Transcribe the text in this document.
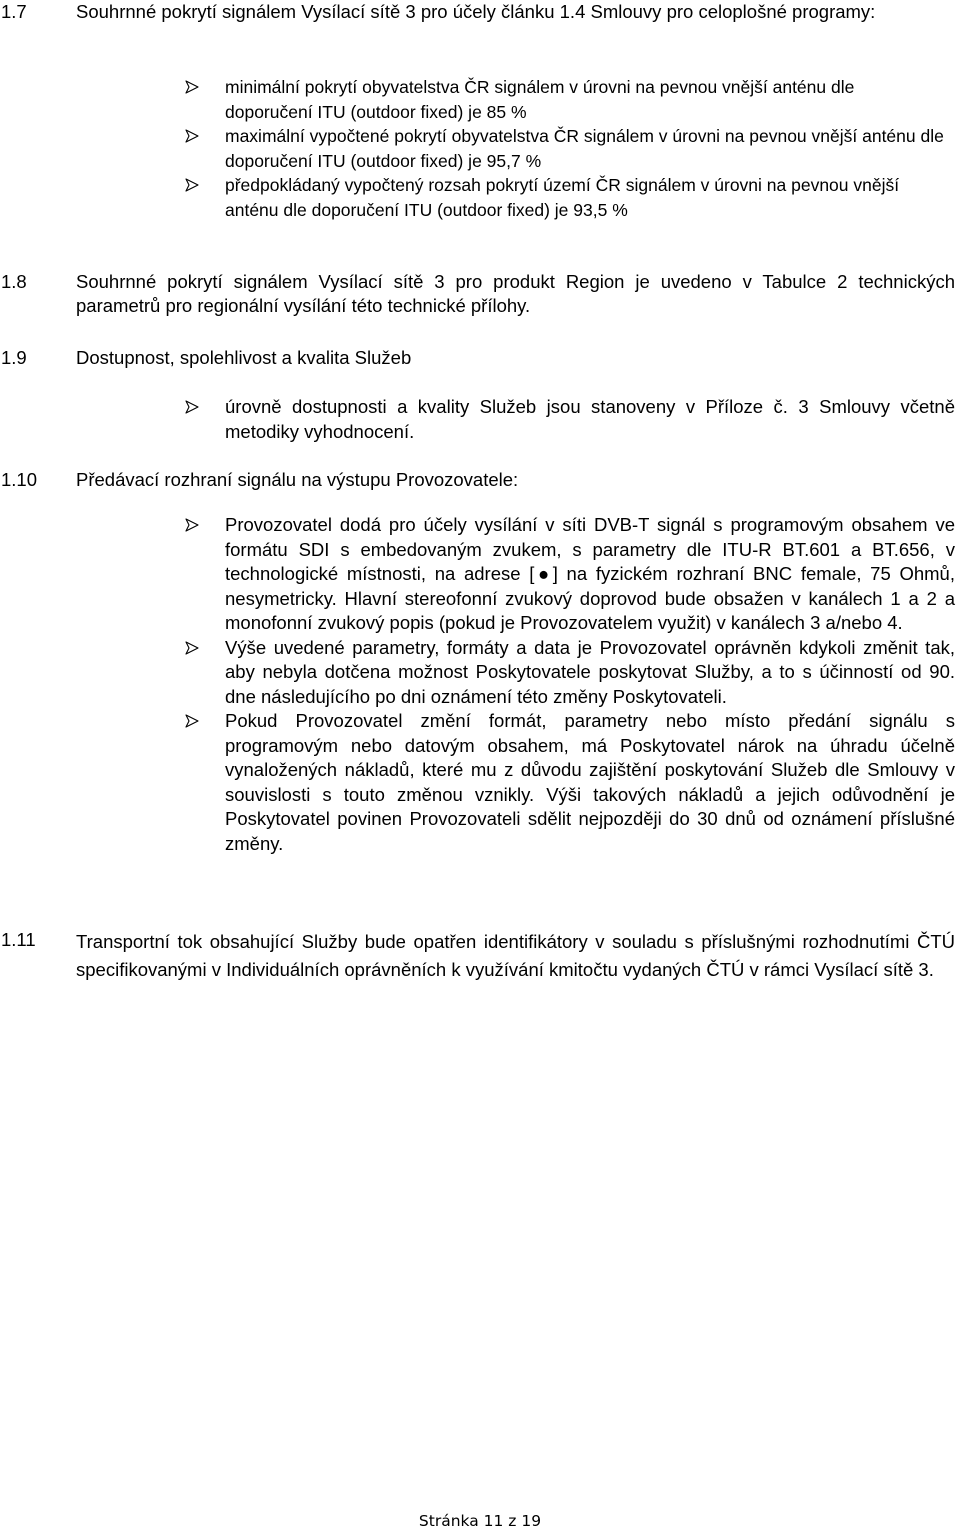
1.7	Souhrnné pokrytí signálem Vysílací sítě 3 pro účely článku 1.4 Smlouvy pro celoplošné programy:
minimální pokrytí obyvatelstva ČR signálem v úrovni na pevnou vnější anténu dle doporučení ITU (outdoor fixed) je 85 %
maximální vypočtené pokrytí obyvatelstva ČR signálem v úrovni na pevnou vnější anténu dle doporučení ITU (outdoor fixed) je 95,7 %
předpokládaný vypočtený rozsah pokrytí území ČR signálem v úrovni na pevnou vnější anténu dle doporučení ITU (outdoor fixed) je 93,5 %
1.8	Souhrnné pokrytí signálem Vysílací sítě 3 pro produkt Region je uvedeno v Tabulce 2 technických parametrů pro regionální vysílání této technické přílohy.
1.9	Dostupnost, spolehlivost a kvalita Služeb
úrovně dostupnosti a kvality Služeb jsou stanoveny v Příloze č. 3 Smlouvy včetně metodiky vyhodnocení.
1.10 Předávací rozhraní signálu na výstupu Provozovatele:
Provozovatel dodá pro účely vysílání v síti DVB-T signál s programovým obsahem ve formátu SDI s embedovaným zvukem, s parametry dle ITU-R BT.601 a BT.656, v technologické místnosti, na adrese [●] na fyzickém rozhraní BNC female, 75 Ohmů, nesymetricky. Hlavní stereofonní zvukový doprovod bude obsažen v kanálech 1 a 2 a monofonní zvukový popis (pokud je Provozovatelem využit) v kanálech 3 a/nebo 4.
Výše uvedené parametry, formáty a data je Provozovatel oprávněn kdykoli změnit tak, aby nebyla dotčena možnost Poskytovatele poskytovat Služby, a to s účinností od 90. dne následujícího po dni oznámení této změny Poskytovateli.
Pokud Provozovatel změní formát, parametry nebo místo předání signálu s programovým nebo datovým obsahem, má Poskytovatel nárok na úhradu účelně vynaložených nákladů, které mu z důvodu zajištění poskytování Služeb dle Smlouvy v souvislosti s touto změnou vznikly. Výši takových nákladů a jejich odůvodnění je Poskytovatel povinen Provozovateli sdělit nejpozději do 30 dnů od oznámení příslušné změny.
1.11 Transportní tok obsahující Služby bude opatřen identifikátory v souladu s příslušnými rozhodnutími ČTÚ specifikovanými v Individuálních oprávněních k využívání kmitočtu vydaných ČTÚ v rámci Vysílací sítě 3.
Stránka 11 z 19
